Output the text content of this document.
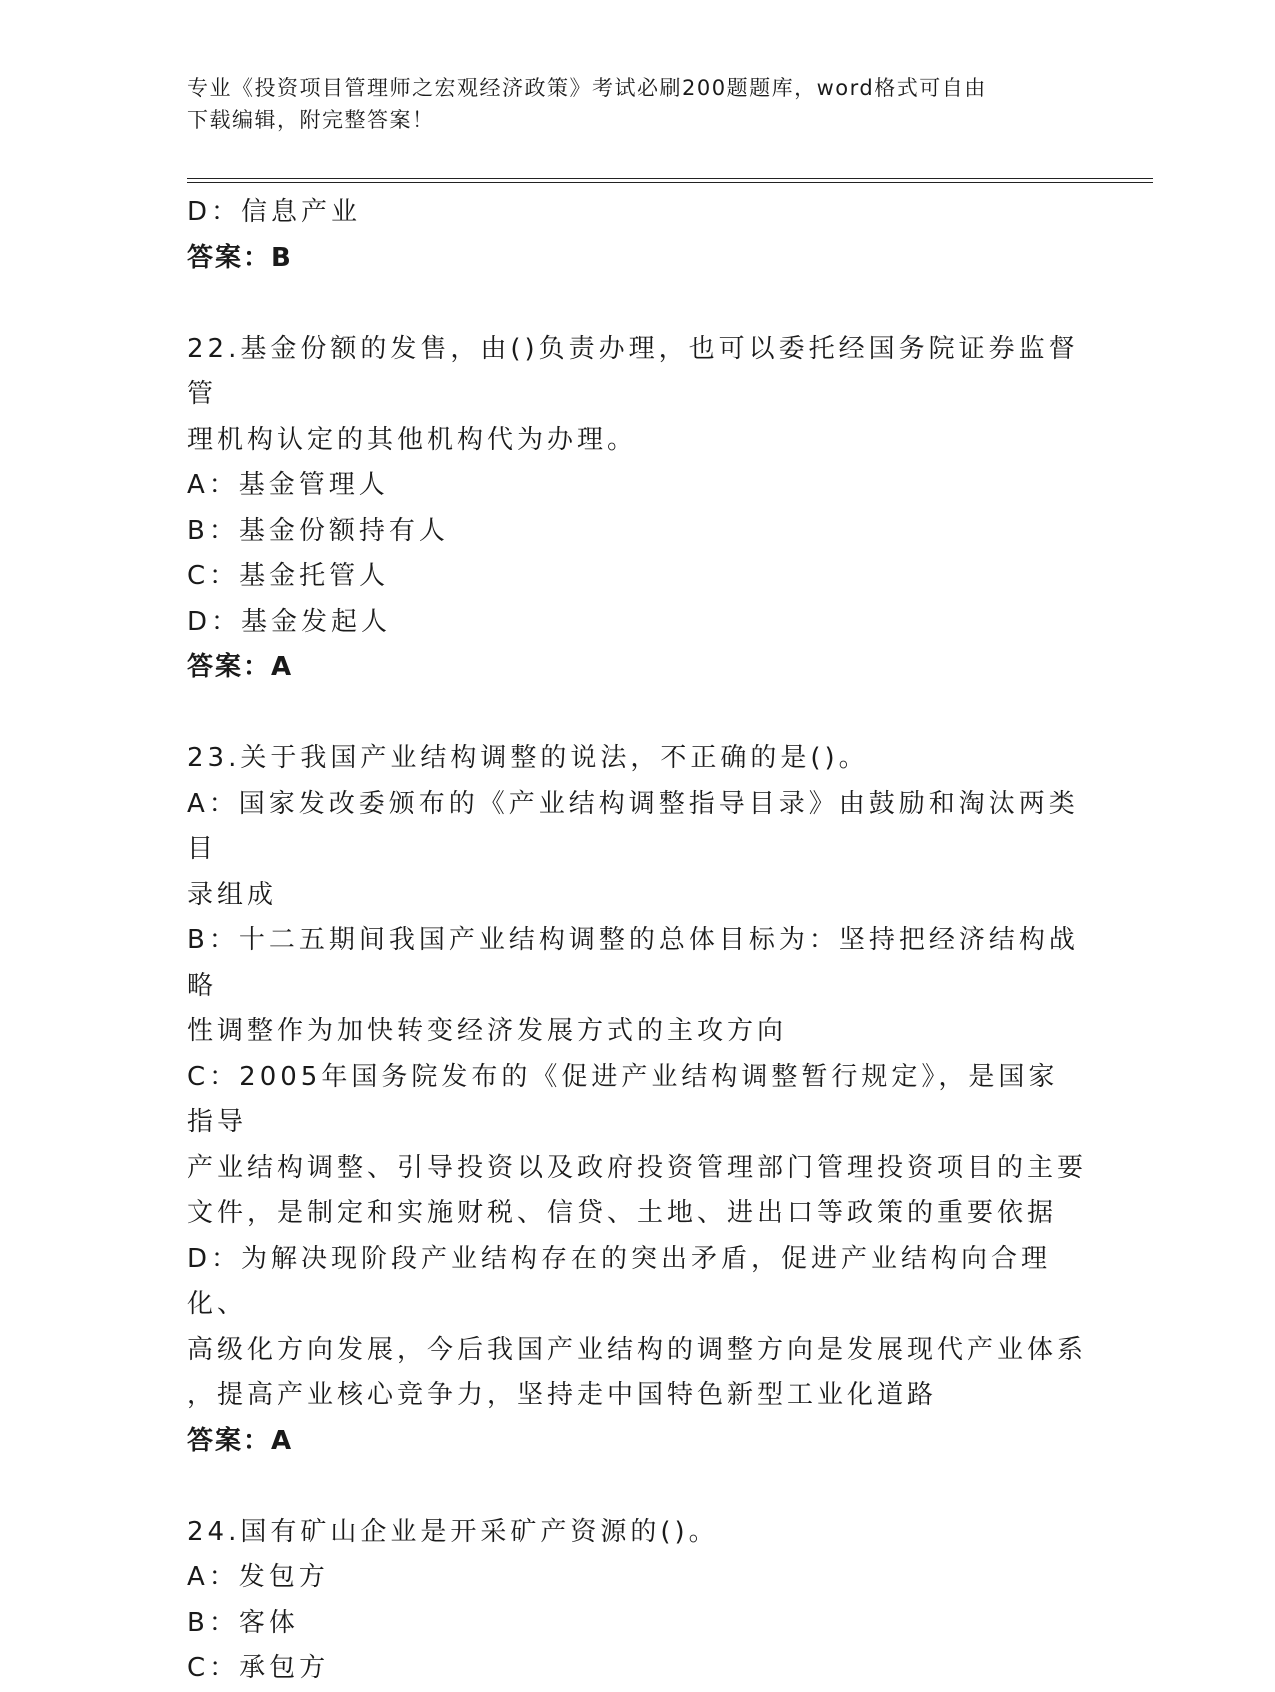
专业《投资项目管理师之宏观经济政策》考试必刷200题题库，word格式可自由
下载编辑，附完整答案！
D：信息产业
答案：B
22.基金份额的发售，由()负责办理，也可以委托经国务院证券监督管
理机构认定的其他机构代为办理。
A：基金管理人
B：基金份额持有人
C：基金托管人
D：基金发起人
答案：A
23.关于我国产业结构调整的说法，不正确的是()。
A：国家发改委颁布的《产业结构调整指导目录》由鼓励和淘汰两类目
录组成
B：十二五期间我国产业结构调整的总体目标为：坚持把经济结构战略
性调整作为加快转变经济发展方式的主攻方向
C：2005年国务院发布的《促进产业结构调整暂行规定》，是国家指导
产业结构调整、引导投资以及政府投资管理部门管理投资项目的主要
文件，是制定和实施财税、信贷、土地、进出口等政策的重要依据
D：为解决现阶段产业结构存在的突出矛盾，促进产业结构向合理化、
高级化方向发展，今后我国产业结构的调整方向是发展现代产业体系
，提高产业核心竞争力，坚持走中国特色新型工业化道路
答案：A
24.国有矿山企业是开采矿产资源的()。
A：发包方
B：客体
C：承包方
